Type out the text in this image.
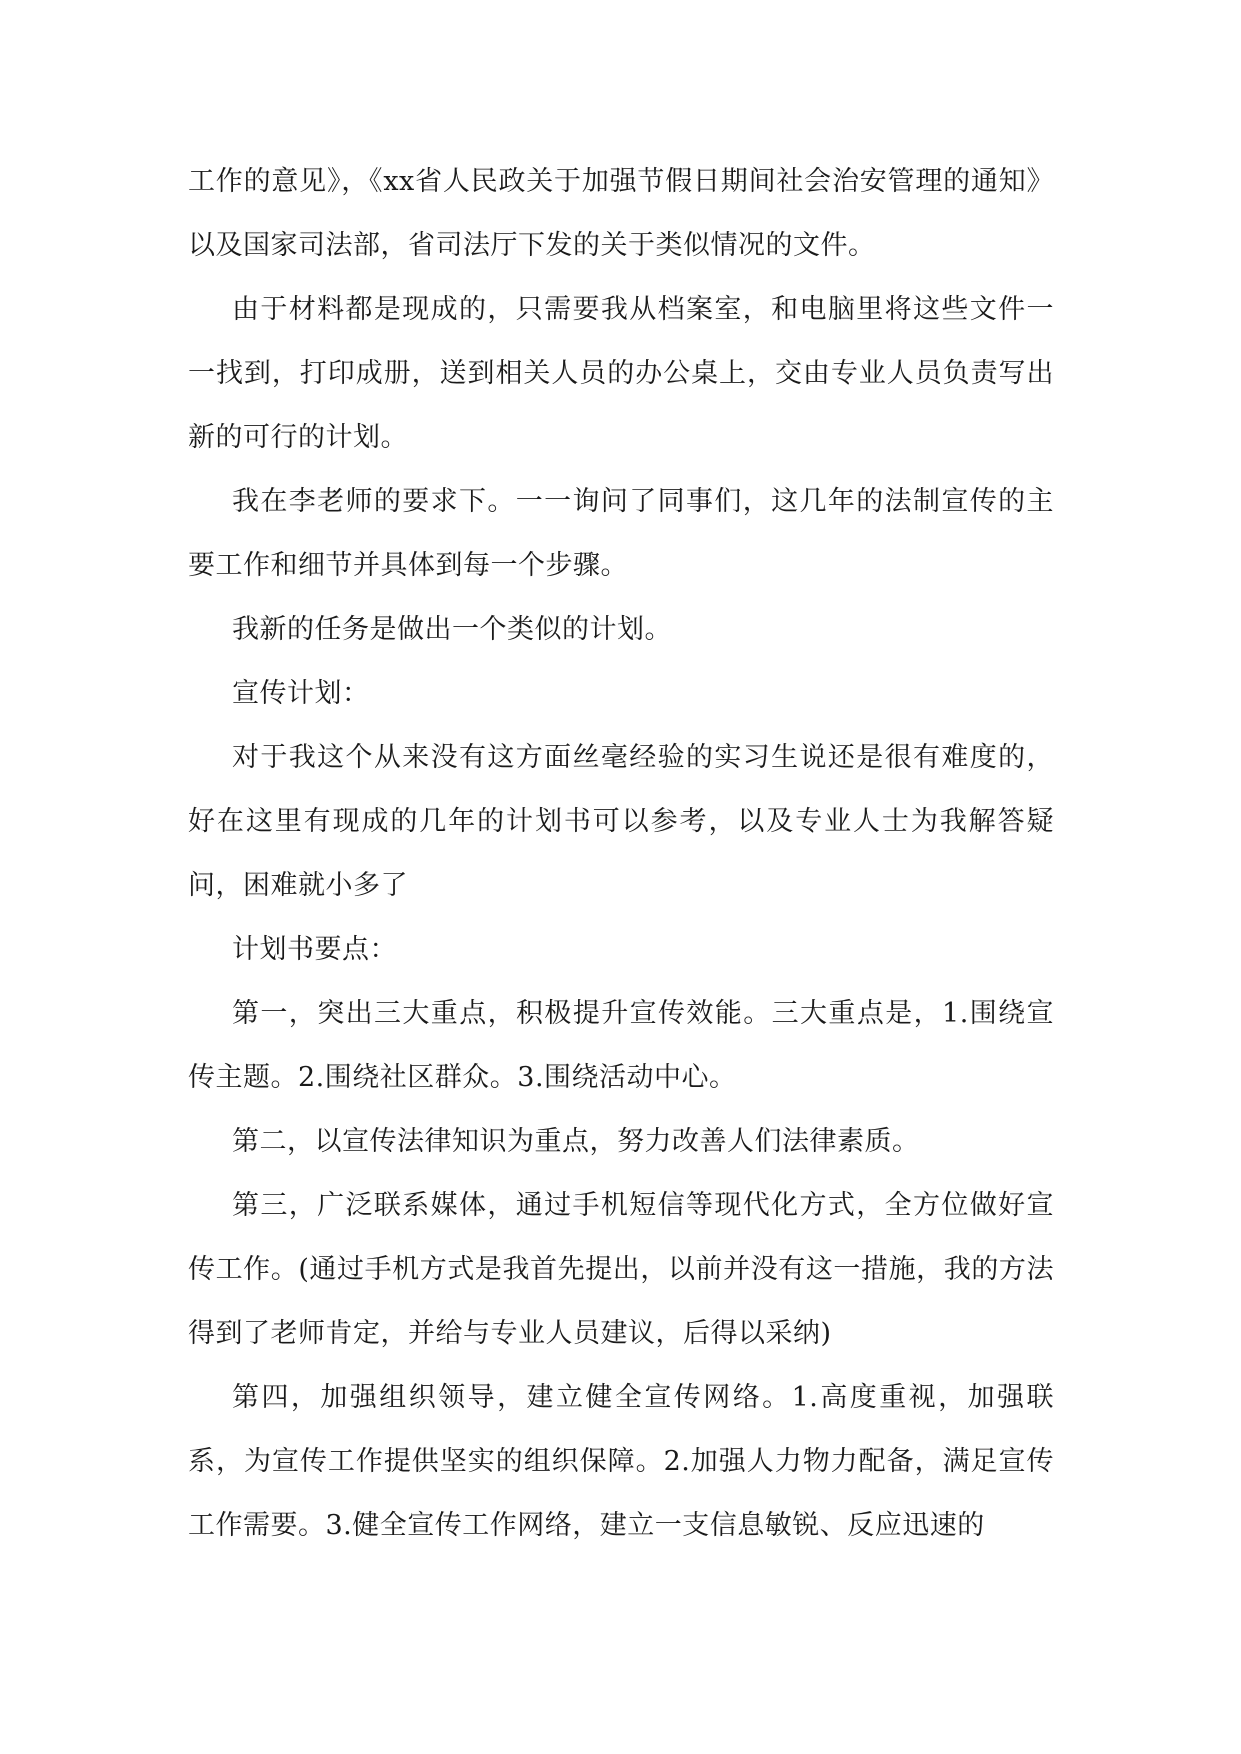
工作的意见》，《xx省人民政关于加强节假日期间社会治安管理的通知》以及国家司法部，省司法厅下发的关于类似情况的文件。

由于材料都是现成的，只需要我从档案室，和电脑里将这些文件一一找到，打印成册，送到相关人员的办公桌上，交由专业人员负责写出新的可行的计划。

我在李老师的要求下。一一询问了同事们，这几年的法制宣传的主要工作和细节并具体到每一个步骤。

我新的任务是做出一个类似的计划。

宣传计划：

对于我这个从来没有这方面丝毫经验的实习生说还是很有难度的，好在这里有现成的几年的计划书可以参考，以及专业人士为我解答疑问，困难就小多了

计划书要点：

第一，突出三大重点，积极提升宣传效能。三大重点是，1.围绕宣传主题。2.围绕社区群众。3.围绕活动中心。

第二，以宣传法律知识为重点，努力改善人们法律素质。

第三，广泛联系媒体，通过手机短信等现代化方式，全方位做好宣传工作。(通过手机方式是我首先提出，以前并没有这一措施，我的方法得到了老师肯定，并给与专业人员建议，后得以采纳)

第四，加强组织领导，建立健全宣传网络。1.高度重视，加强联系，为宣传工作提供坚实的组织保障。2.加强人力物力配备，满足宣传工作需要。3.健全宣传工作网络，建立一支信息敏锐、反应迅速的
